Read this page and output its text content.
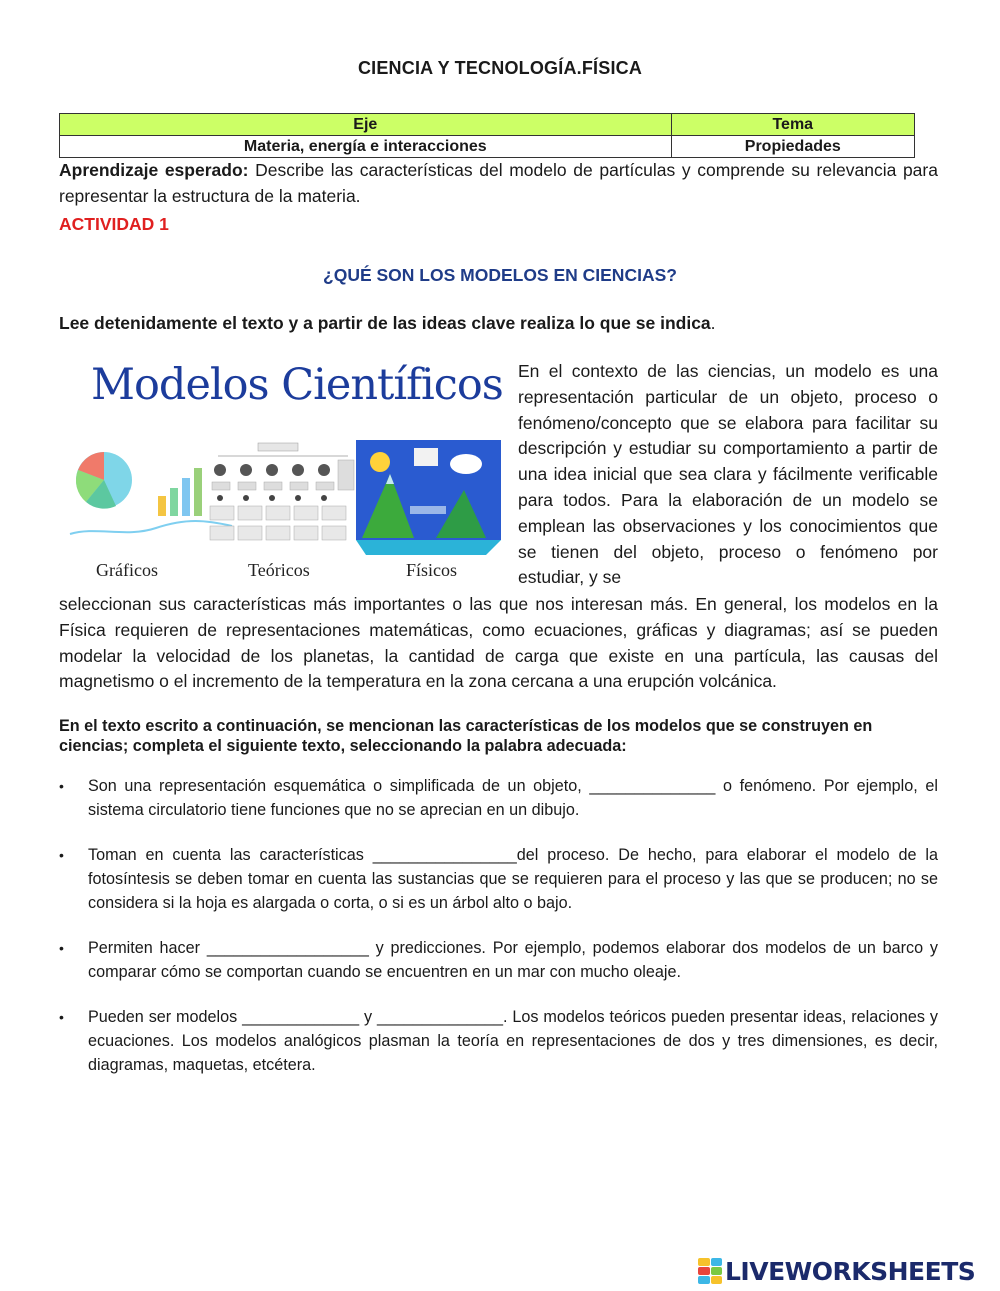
CIENCIA Y TECNOLOGÍA.FÍSICA
Eje	Tema
Materia, energía e interacciones	Propiedades

Aprendizaje esperado: Describe las características del modelo de partículas y comprende su relevancia para representar la estructura de la materia.

ACTIVIDAD 1
¿QUÉ SON LOS MODELOS EN CIENCIAS?
Lee detenidamente el texto y a partir de las ideas clave realiza lo que se indica.
Modelos Científicos
Gráficos	Teóricos	Físicos

En el contexto de las ciencias, un modelo es una representación particular de un objeto, proceso o fenómeno/concepto que se elabora para facilitar su descripción y estudiar su comportamiento a partir de una idea inicial que sea clara y fácilmente verificable para todos. Para la elaboración de un modelo se emplean las observaciones y los conocimientos que se tienen del objeto, proceso o fenómeno por estudiar, y se

seleccionan sus características más importantes o las que nos interesan más. En general, los modelos en la Física requieren de representaciones matemáticas, como ecuaciones, gráficas y diagramas; así se pueden modelar la velocidad de los planetas, la cantidad de carga que existe en una partícula, las causas del magnetismo o el incremento de la temperatura en la zona cercana a una erupción volcánica.

En el texto escrito a continuación, se mencionan las características de los modelos que se construyen en ciencias; completa el siguiente texto, seleccionando la palabra adecuada:
• Son una representación esquemática o simplificada de un objeto, ______________ o fenómeno. Por ejemplo, el sistema circulatorio tiene funciones que no se aprecian en un dibujo.
• Toman en cuenta las características ________________del proceso. De hecho, para elaborar el modelo de la fotosíntesis se deben tomar en cuenta las sustancias que se requieren para el proceso y las que se producen; no se considera si la hoja es alargada o corta, o si es un árbol alto o bajo.
• Permiten hacer __________________ y predicciones. Por ejemplo, podemos elaborar dos modelos de un barco y comparar cómo se comportan cuando se encuentren en un mar con mucho oleaje.
• Pueden ser modelos _____________ y ______________. Los modelos teóricos pueden presentar ideas, relaciones y ecuaciones. Los modelos analógicos plasman la teoría en representaciones de dos y tres dimensiones, es decir, diagramas, maquetas, etcétera.
LIVEWORKSHEETS
